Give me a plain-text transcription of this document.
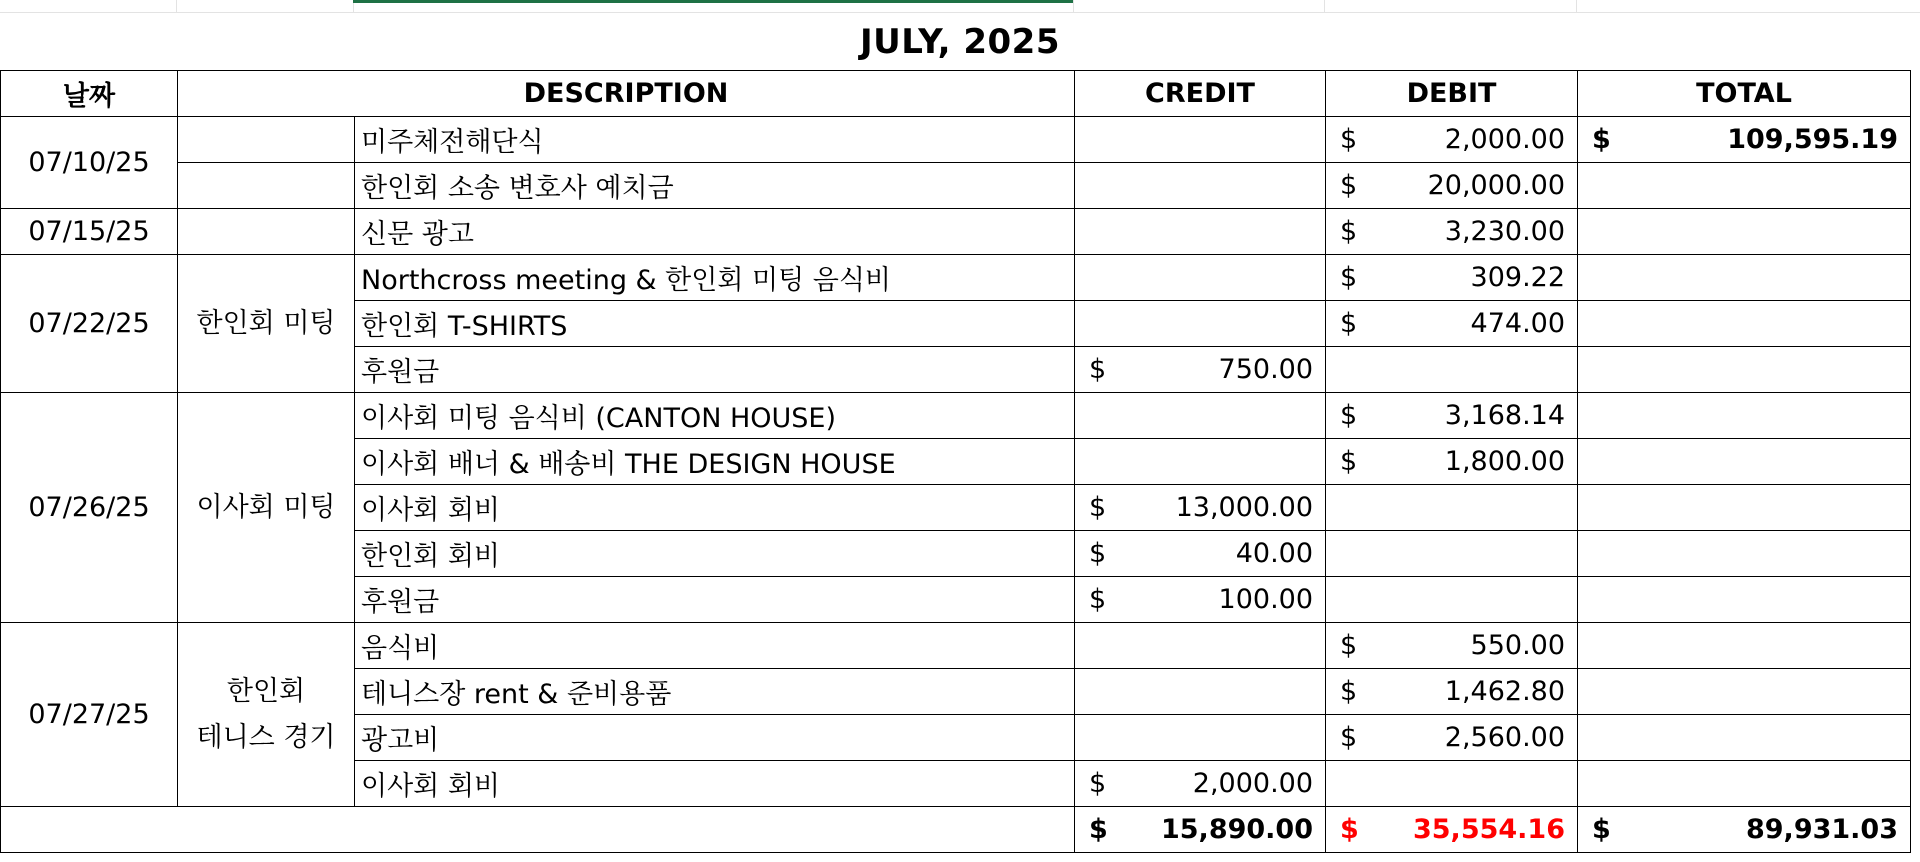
JULY, 2025
날짜	DESCRIPTION		CREDIT	DEBIT	TOTAL
07/10/25		미주체전해단식		$ 2,000.00	$ 109,595.19

		한인회 소송 변호사 예치금		$ 20,000.00	

07/15/25		신문 광고		$ 3,230.00	

07/22/25	한인회 미팅	Northcross meeting & 한인회 미팅 음식비		$ 309.22	

		한인회 T-SHIRTS		$ 474.00	

		후원금	$ 750.00		

07/26/25	이사회 미팅	이사회 미팅 음식비 (CANTON HOUSE)		$ 3,168.14	

		이사회 배너 & 배송비 THE DESIGN HOUSE		$ 1,800.00	

		이사회 회비	$ 13,000.00		

		한인회 회비	$ 40.00		

		후원금	$ 100.00		

07/27/25	한인회
테니스 경기	음식비		$ 550.00	

		테니스장 rent & 준비용품		$ 1,462.80	

		광고비		$ 2,560.00	

		이사회 회비	$ 2,000.00		

			$ 15,890.00	$ 35,554.16	$ 89,931.03
